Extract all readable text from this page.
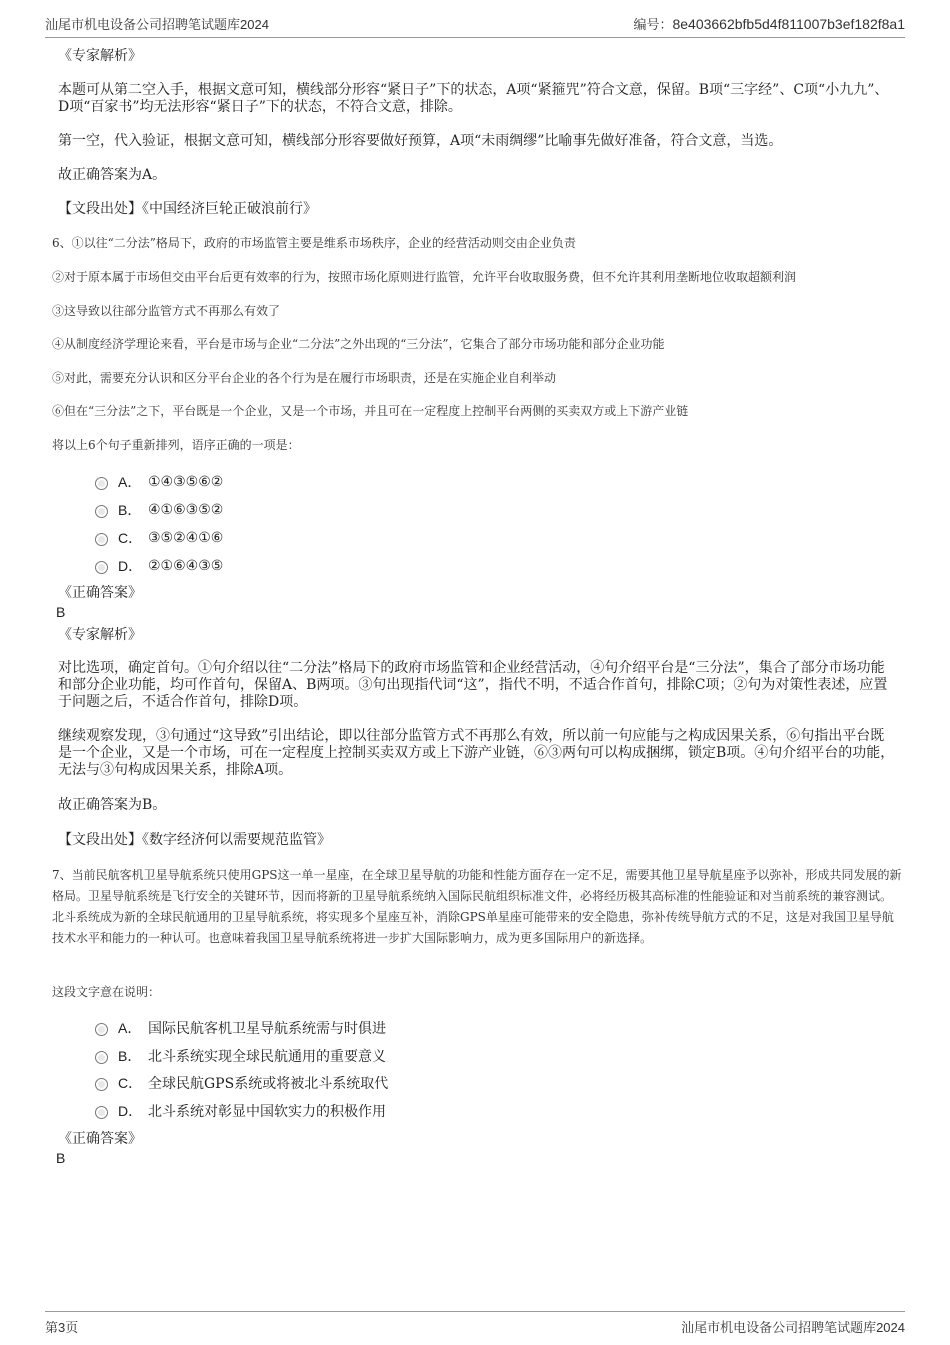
汕尾市机电设备公司招聘笔试题库2024	编号：8e403662bfb5d4f811007b3ef182f8a1

《专家解析》

本题可从第二空入手，根据文意可知，横线部分形容“紧日子”下的状态，A项“紧箍咒”符合文意，保留。B项“三字经”、C项“小九九”、D项“百家书”均无法形容“紧日子”下的状态，不符合文意，排除。

第一空，代入验证，根据文意可知，横线部分形容要做好预算，A项“未雨绸缪”比喻事先做好准备，符合文意，当选。

故正确答案为A。

【文段出处】《中国经济巨轮正破浪前行》

6、①以往“二分法”格局下，政府的市场监管主要是维系市场秩序，企业的经营活动则交由企业负责

②对于原本属于市场但交由平台后更有效率的行为，按照市场化原则进行监管，允许平台收取服务费，但不允许其利用垄断地位收取超额利润

③这导致以往部分监管方式不再那么有效了

④从制度经济学理论来看，平台是市场与企业“二分法”之外出现的“三分法”，它集合了部分市场功能和部分企业功能

⑤对此，需要充分认识和区分平台企业的各个行为是在履行市场职责，还是在实施企业自利举动

⑥但在“三分法”之下，平台既是一个企业，又是一个市场，并且可在一定程度上控制平台两侧的买卖双方或上下游产业链

将以上6个句子重新排列，语序正确的一项是：

A． ①④③⑤⑥②
B． ④①⑥③⑤②
C． ③⑤②④①⑥
D． ②①⑥④③⑤

《正确答案》

B

《专家解析》

对比选项，确定首句。①句介绍以往“二分法”格局下的政府市场监管和企业经营活动，④句介绍平台是“三分法”，集合了部分市场功能和部分企业功能，均可作首句，保留A、B两项。③句出现指代词“这”，指代不明，不适合作首句，排除C项；②句为对策性表述，应置于问题之后，不适合作首句，排除D项。

继续观察发现，③句通过“这导致”引出结论，即以往部分监管方式不再那么有效，所以前一句应能与之构成因果关系，⑥句指出平台既是一个企业，又是一个市场，可在一定程度上控制买卖双方或上下游产业链，⑥③两句可以构成捆绑，锁定B项。④句介绍平台的功能，无法与③句构成因果关系，排除A项。

故正确答案为B。

【文段出处】《数字经济何以需要规范监管》

7、当前民航客机卫星导航系统只使用GPS这一单一星座，在全球卫星导航的功能和性能方面存在一定不足，需要其他卫星导航星座予以弥补，形成共同发展的新格局。卫星导航系统是飞行安全的关键环节，因而将新的卫星导航系统纳入国际民航组织标准文件，必将经历极其高标准的性能验证和对当前系统的兼容测试。北斗系统成为新的全球民航通用的卫星导航系统，将实现多个星座互补，消除GPS单星座可能带来的安全隐患，弥补传统导航方式的不足，这是对我国卫星导航技术水平和能力的一种认可。也意味着我国卫星导航系统将进一步扩大国际影响力，成为更多国际用户的新选择。

这段文字意在说明：

A． 国际民航客机卫星导航系统需与时俱进
B． 北斗系统实现全球民航通用的重要意义
C． 全球民航GPS系统或将被北斗系统取代
D． 北斗系统对彰显中国软实力的积极作用

《正确答案》

B

第3页	汕尾市机电设备公司招聘笔试题库2024
